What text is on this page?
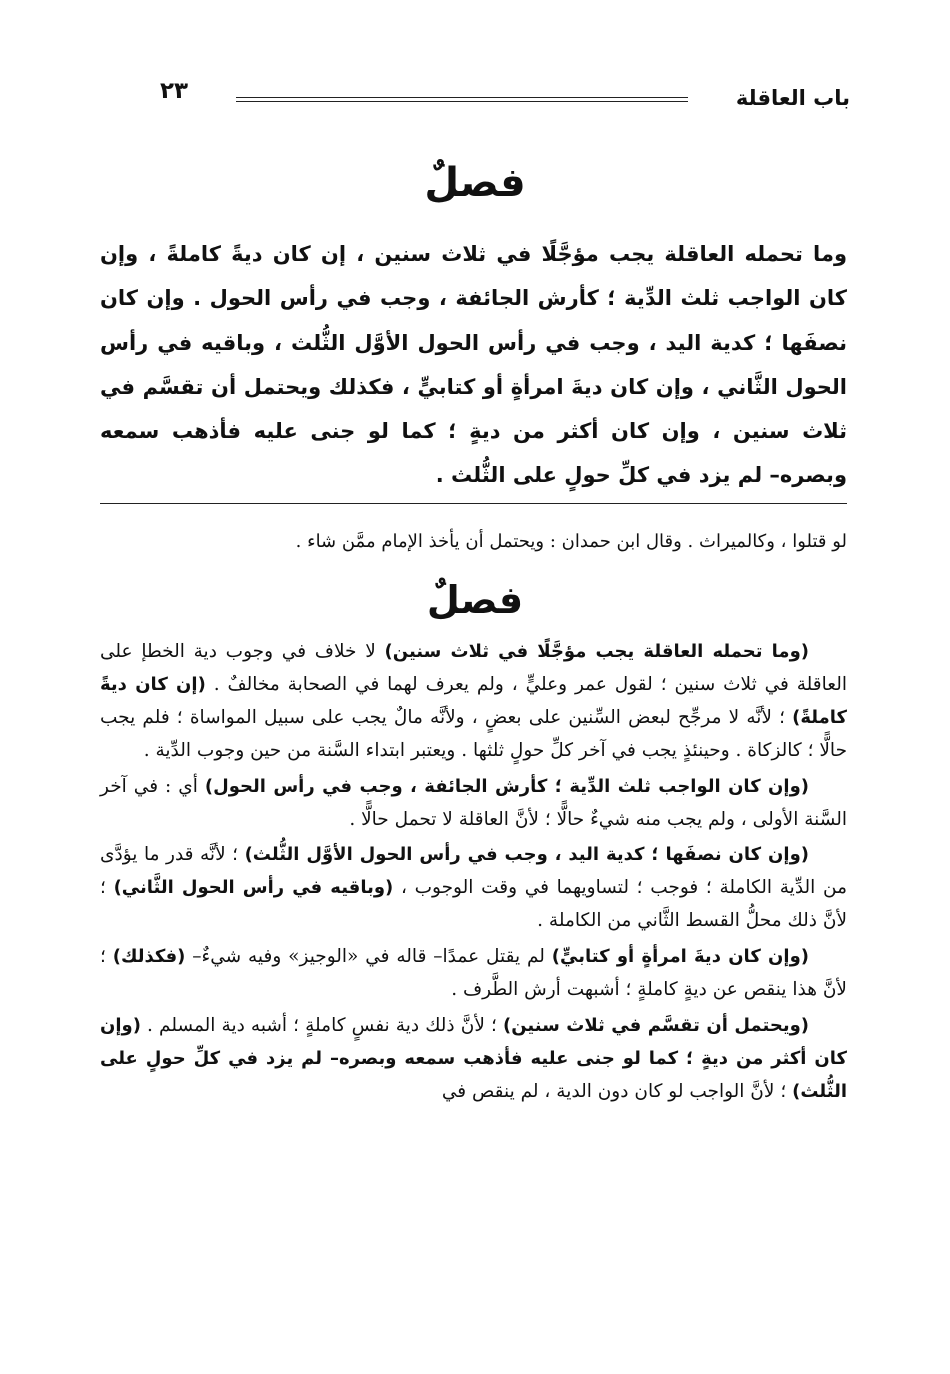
باب العاقلة
٢٣
فصلٌ
وما تحمله العاقلة يجب مؤجَّلًا في ثلاث سنين ، إن كان ديةً كاملةً ، وإن كان الواجب ثلث الدِّية ؛ كأرش الجائفة ، وجب في رأس الحول . وإن كان نصفَها ؛ كدية اليد ، وجب في رأس الحول الأوَّل الثُّلث ، وباقيه في رأس الحول الثَّاني ، وإن كان ديةَ امرأةٍ أو كتابيٍّ ، فكذلك ويحتمل أن تقسَّم في ثلاث سنين ، وإن كان أكثر من ديةٍ ؛ كما لو جنى عليه فأذهب سمعه وبصره– لم يزد في كلِّ حولٍ على الثُّلث .
لو قتلوا ، وكالميراث . وقال ابن حمدان : ويحتمل أن يأخذ الإمام ممَّن شاء .
فصلٌ

(وما تحمله العاقلة يجب مؤجَّلًا في ثلاث سنين) لا خلاف في وجوب دية الخطإ على العاقلة في ثلاث سنين ؛ لقول عمر وعليٍّ ، ولم يعرف لهما في الصحابة مخالفٌ . (إن كان ديةً كاملةً) ؛ لأنَّه لا مرجِّح لبعض السِّنين على بعضٍ ، ولأنَّه مالٌ يجب على سبيل المواساة ؛ فلم يجب حالًّا ؛ كالزكاة . وحينئذٍ يجب في آخر كلِّ حولٍ ثلثها . ويعتبر ابتداء السَّنة من حين وجوب الدِّية .

(وإن كان الواجب ثلث الدِّية ؛ كأرش الجائفة ، وجب في رأس الحول) أي : في آخر السَّنة الأولى ، ولم يجب منه شيءٌ حالًّا ؛ لأنَّ العاقلة لا تحمل حالًّا .

(وإن كان نصفَها ؛ كدية اليد ، وجب في رأس الحول الأوَّل الثُّلث) ؛ لأنَّه قدر ما يؤدَّى من الدِّية الكاملة ؛ فوجب ؛ لتساويهما في وقت الوجوب ، (وباقيه في رأس الحول الثَّاني) ؛ لأنَّ ذلك محلُّ القسط الثَّاني من الكاملة .

(وإن كان ديةَ امرأةٍ أو كتابيٍّ) لم يقتل عمدًا– قاله في «الوجيز» وفيه شيءٌ– (فكذلك) ؛ لأنَّ هذا ينقص عن ديةٍ كاملةٍ ؛ أشبهت أرش الطَّرف .

(ويحتمل أن تقسَّم في ثلاث سنين) ؛ لأنَّ ذلك دية نفسٍ كاملةٍ ؛ أشبه دية المسلم . (وإن كان أكثر من ديةٍ ؛ كما لو جنى عليه فأذهب سمعه وبصره– لم يزد في كلِّ حولٍ على الثُّلث) ؛ لأنَّ الواجب لو كان دون الدية ، لم ينقص في
